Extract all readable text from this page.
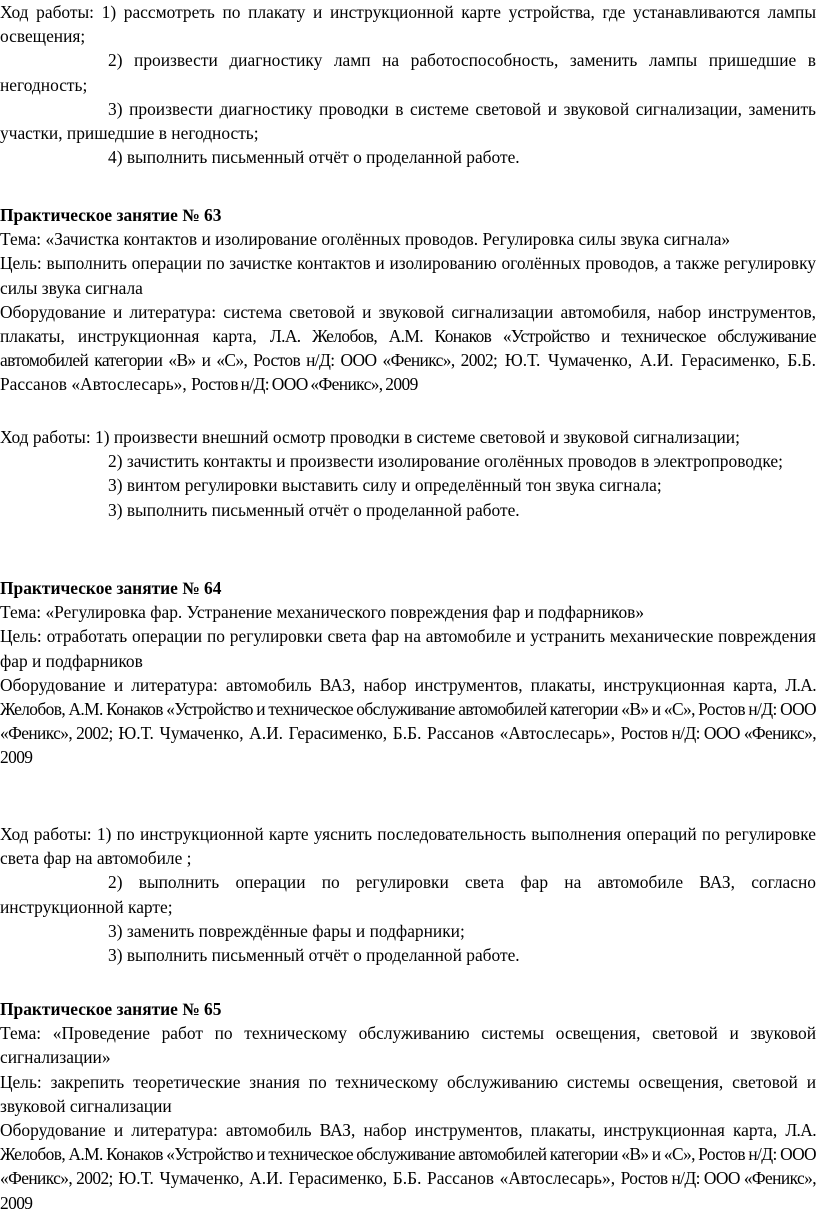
Ход работы: 1) рассмотреть по плакату и инструкционной карте устройства, где устанавливаются лампы освещения;

2) произвести диагностику ламп на работоспособность, заменить лампы пришедшие в негодность;

3) произвести диагностику проводки в системе световой и звуковой сигнализации, заменить участки, пришедшие в негодность;

4) выполнить письменный отчёт о проделанной работе.

Практическое занятие № 63

Тема: «Зачистка контактов и изолирование оголённых проводов. Регулировка силы звука сигнала»

Цель: выполнить операции по зачистке контактов и изолированию оголённых проводов, а также регулировку силы звука сигнала

Оборудование и литература: система световой и звуковой сигнализации автомобиля, набор инструментов, плакаты, инструкционная карта, Л.А. Желобов, А.М. Конаков «Устройство и техническое обслуживание автомобилей категории «В» и «С», Ростов н/Д: ООО «Феникс», 2002; Ю.Т. Чумаченко, А.И. Герасименко, Б.Б. Рассанов «Автослесарь», Ростов н/Д: ООО «Феникс», 2009

Ход работы: 1) произвести внешний осмотр проводки в системе световой и звуковой сигнализации;

2) зачистить контакты и произвести изолирование оголённых проводов в электропроводке;

3) винтом регулировки выставить силу и определённый тон звука сигнала;

3) выполнить письменный отчёт о проделанной работе.

Практическое занятие № 64

Тема: «Регулировка фар. Устранение механического повреждения фар и подфарников»

Цель: отработать операции по регулировки света фар на автомобиле и устранить механические повреждения фар и подфарников

Оборудование и литература: автомобиль ВАЗ, набор инструментов, плакаты, инструкционная карта, Л.А. Желобов, А.М. Конаков «Устройство и техническое обслуживание автомобилей категории «В» и «С», Ростов н/Д: ООО «Феникс», 2002; Ю.Т. Чумаченко, А.И. Герасименко, Б.Б. Рассанов «Автослесарь», Ростов н/Д: ООО «Феникс», 2009

Ход работы: 1) по инструкционной карте уяснить последовательность выполнения операций по регулировке света фар на автомобиле ;

2) выполнить операции по регулировки света фар на автомобиле ВАЗ, согласно инструкционной карте;

3) заменить повреждённые фары и подфарники;

3) выполнить письменный отчёт о проделанной работе.

Практическое занятие № 65

Тема: «Проведение работ по техническому обслуживанию системы освещения, световой и звуковой сигнализации»

Цель: закрепить теоретические знания по техническому обслуживанию системы освещения, световой и звуковой сигнализации

Оборудование и литература: автомобиль ВАЗ, набор инструментов, плакаты, инструкционная карта, Л.А. Желобов, А.М. Конаков «Устройство и техническое обслуживание автомобилей категории «В» и «С», Ростов н/Д: ООО «Феникс», 2002; Ю.Т. Чумаченко, А.И. Герасименко, Б.Б. Рассанов «Автослесарь», Ростов н/Д: ООО «Феникс», 2009
